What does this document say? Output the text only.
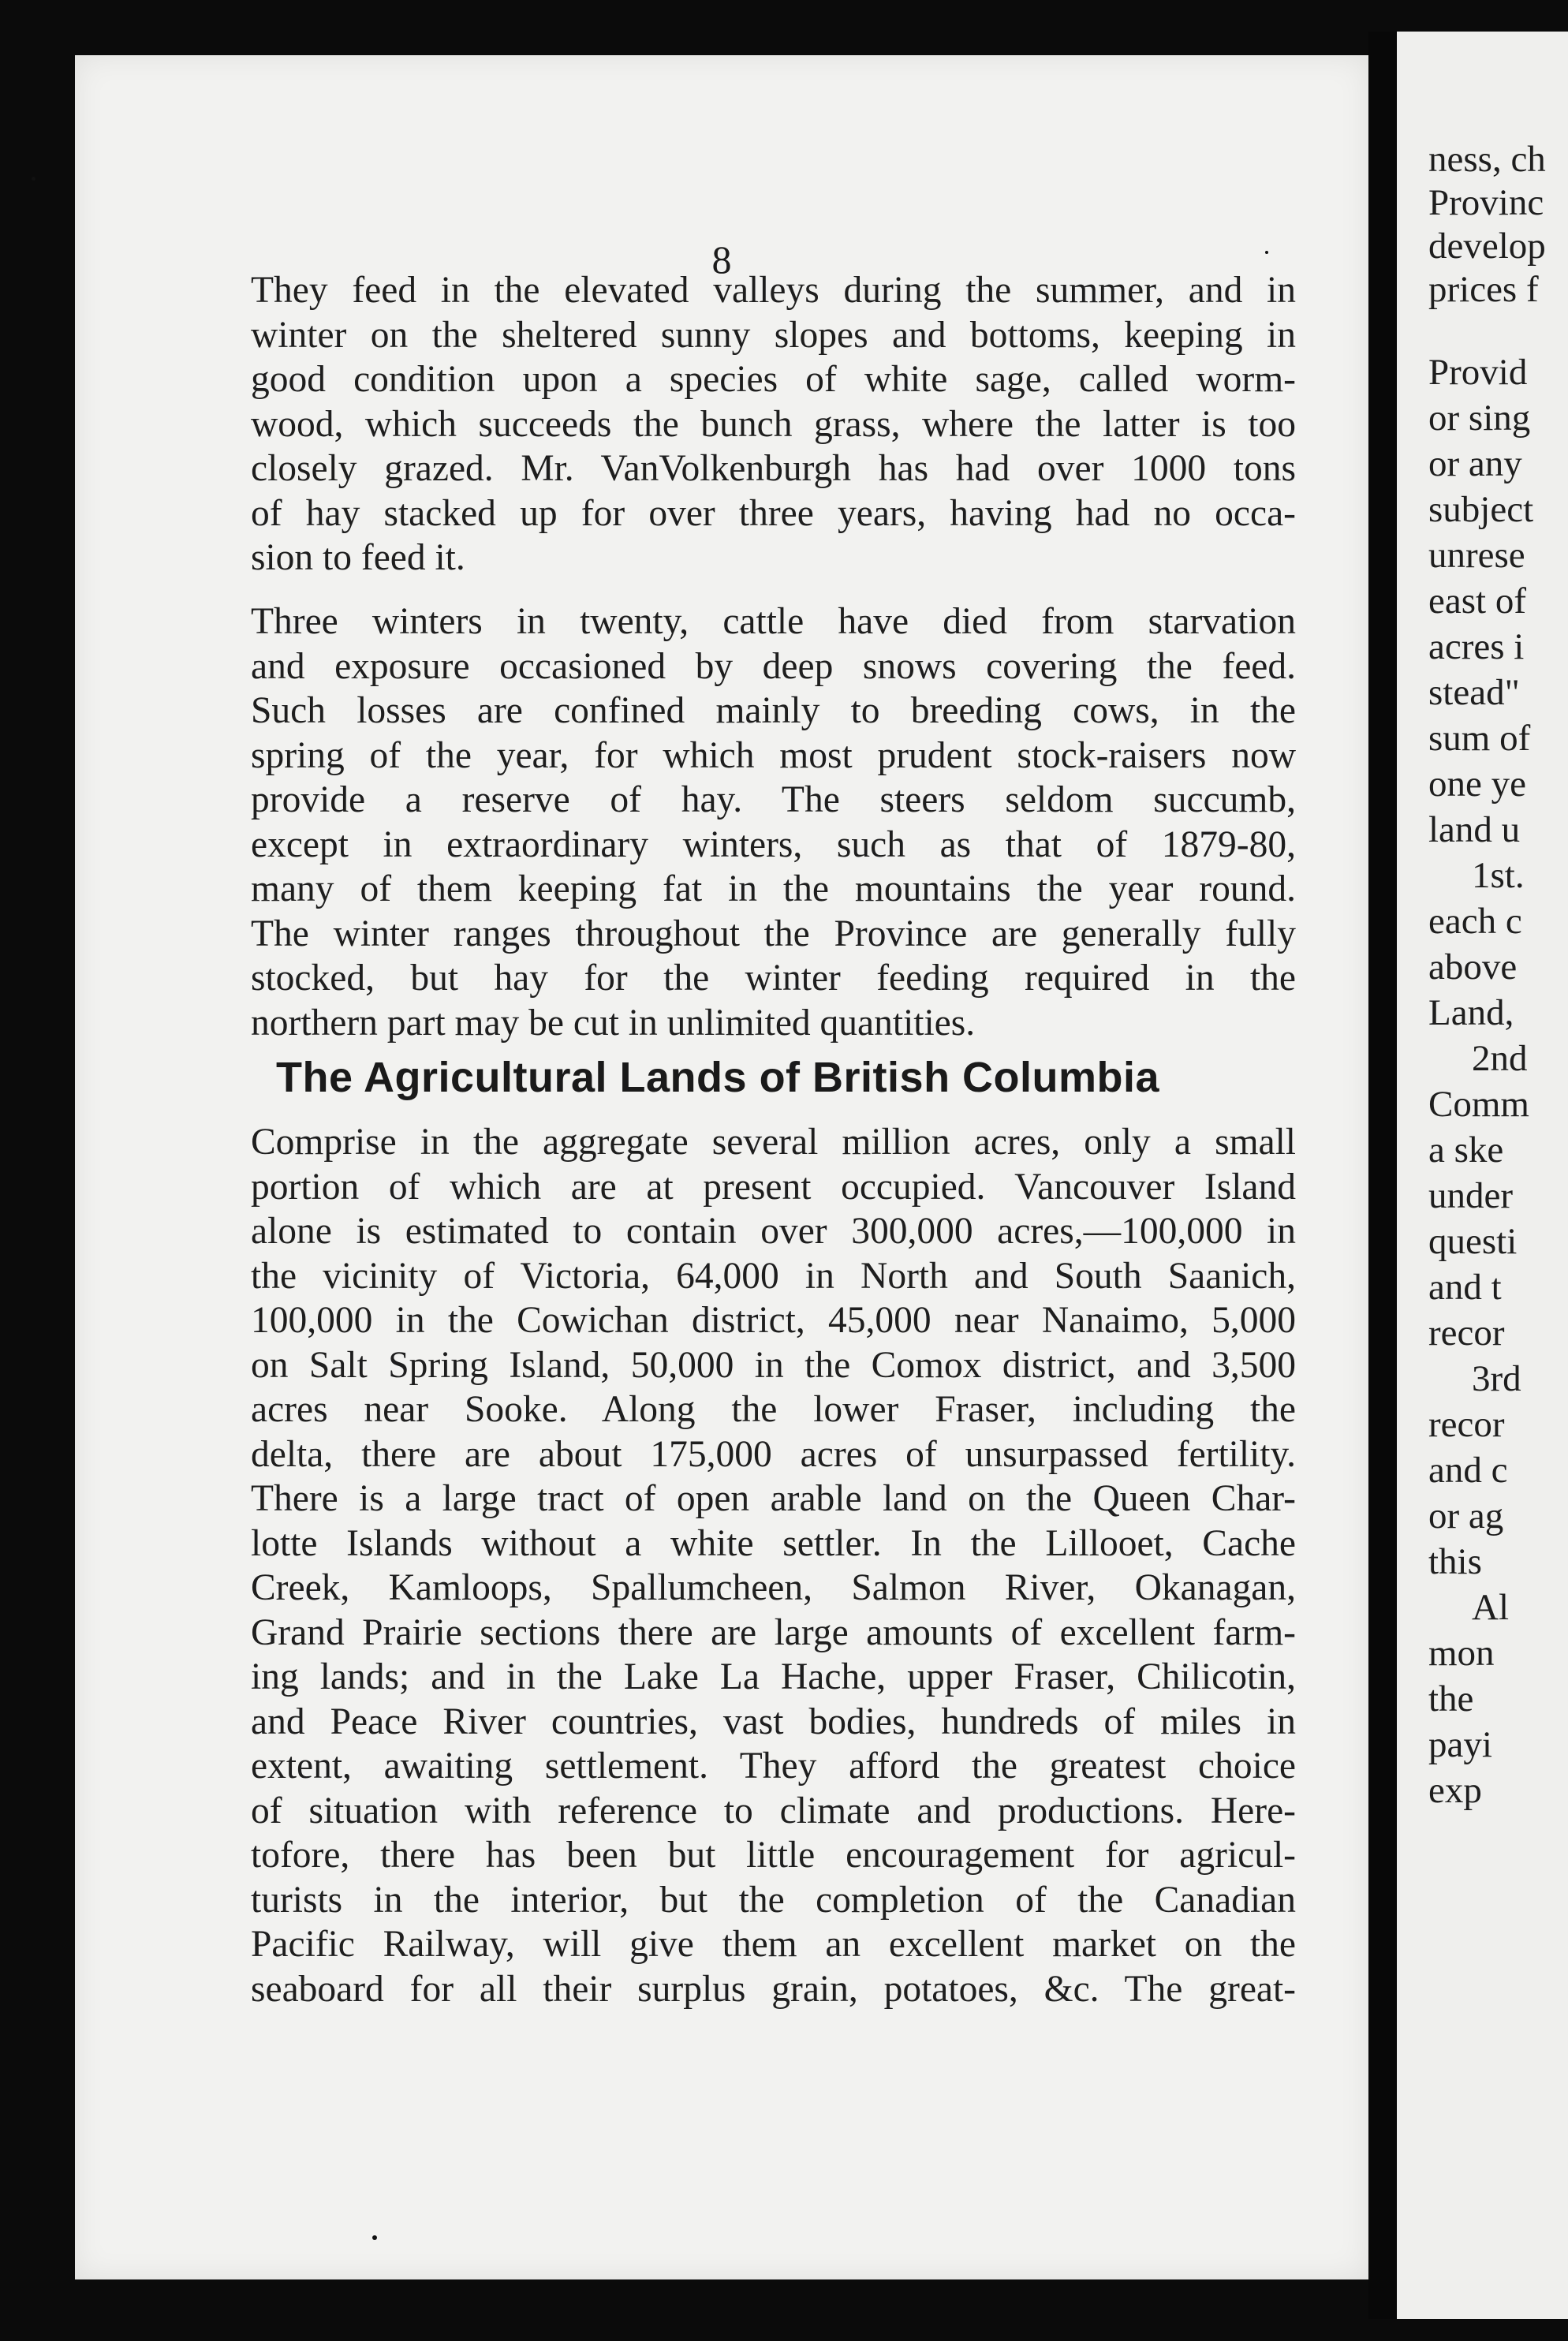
8
ness, ch
Provinc
develop
prices f
Provid
or sing
or any
subject
unrese
east of
acres i
stead"
sum of
one ye
land u
1st.
each c
above
Land,
2nd
Comm
a ske
under
questi
and t
recor
3rd
recor
and c
or ag
this
Al
mon
the
payi
exp
They feed in the elevated valleys during the summer, and in
winter on the sheltered sunny slopes and bottoms, keeping in
good condition upon a species of white sage, called worm-
wood, which succeeds the bunch grass, where the latter is too
closely grazed. Mr. VanVolkenburgh has had over 1000 tons
of hay stacked up for over three years, having had no occa-
sion to feed it.
Three winters in twenty, cattle have died from starvation
and exposure occasioned by deep snows covering the feed.
Such losses are confined mainly to breeding cows, in the
spring of the year, for which most prudent stock-raisers now
provide a reserve of hay. The steers seldom succumb,
except in extraordinary winters, such as that of 1879-80,
many of them keeping fat in the mountains the year round.
The winter ranges throughout the Province are generally fully
stocked, but hay for the winter feeding required in the
northern part may be cut in unlimited quantities.
The Agricultural Lands of British Columbia
Comprise in the aggregate several million acres, only a small
portion of which are at present occupied. Vancouver Island
alone is estimated to contain over 300,000 acres,—100,000 in
the vicinity of Victoria, 64,000 in North and South Saanich,
100,000 in the Cowichan district, 45,000 near Nanaimo, 5,000
on Salt Spring Island, 50,000 in the Comox district, and 3,500
acres near Sooke. Along the lower Fraser, including the
delta, there are about 175,000 acres of unsurpassed fertility.
There is a large tract of open arable land on the Queen Char-
lotte Islands without a white settler. In the Lillooet, Cache
Creek, Kamloops, Spallumcheen, Salmon River, Okanagan,
Grand Prairie sections there are large amounts of excellent farm-
ing lands; and in the Lake La Hache, upper Fraser, Chilicotin,
and Peace River countries, vast bodies, hundreds of miles in
extent, awaiting settlement. They afford the greatest choice
of situation with reference to climate and productions. Here-
tofore, there has been but little encouragement for agricul-
turists in the interior, but the completion of the Canadian
Pacific Railway, will give them an excellent market on the
seaboard for all their surplus grain, potatoes, &c. The great-
